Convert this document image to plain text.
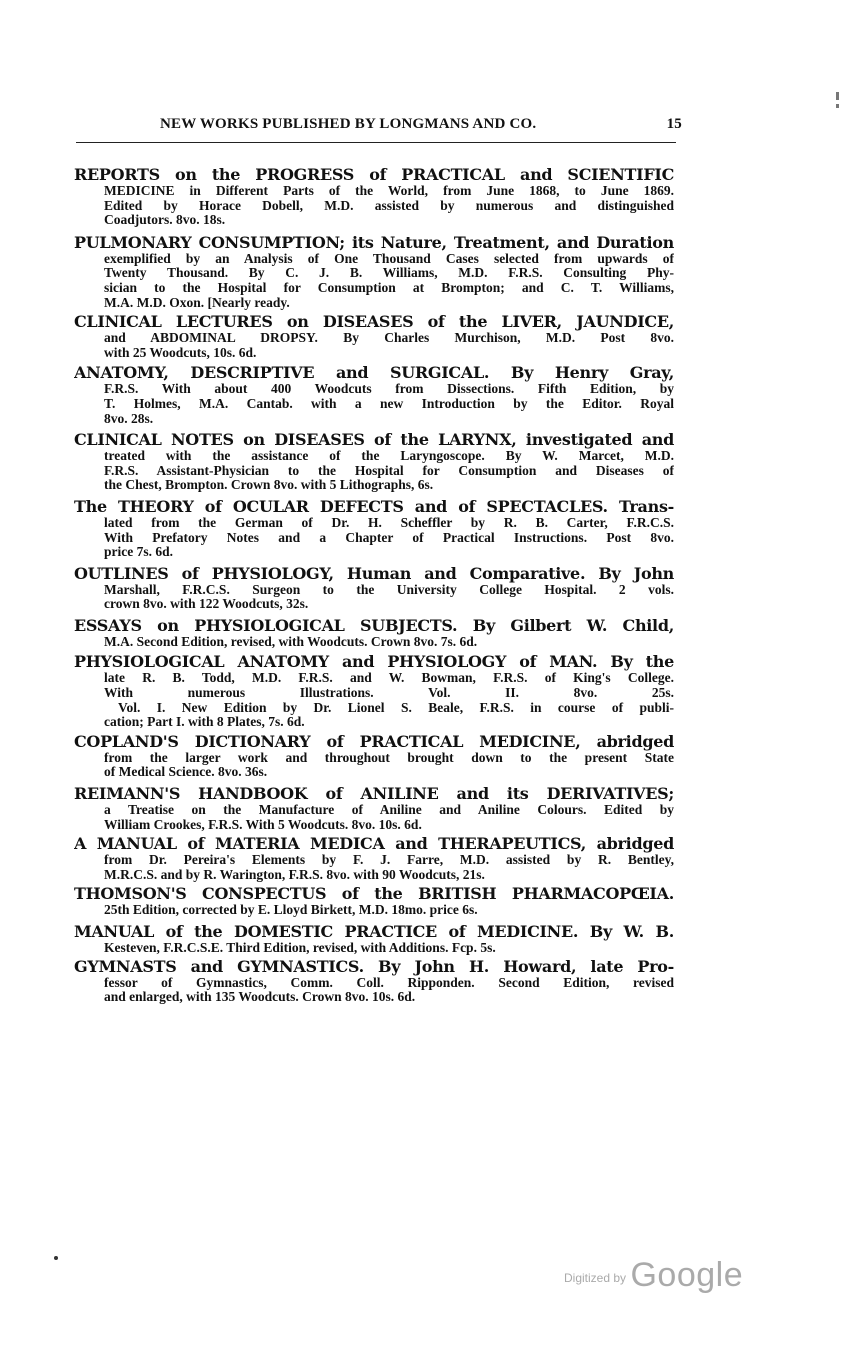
NEW WORKS PUBLISHED BY LONGMANS AND CO.	15
REPORTS on the PROGRESS of PRACTICAL and SCIENTIFIC
MEDICINE in Different Parts of the World, from June 1868, to June 1869.
Edited by Horace Dobell, M.D. assisted by numerous and distinguished
Coadjutors. 8vo. 18s.
PULMONARY CONSUMPTION; its Nature, Treatment, and Duration
exemplified by an Analysis of One Thousand Cases selected from upwards of
Twenty Thousand. By C. J. B. Williams, M.D. F.R.S. Consulting Phy-
sician to the Hospital for Consumption at Brompton; and C. T. Williams,
M.A. M.D. Oxon. [Nearly ready.
CLINICAL LECTURES on DISEASES of the LIVER, JAUNDICE,
and ABDOMINAL DROPSY. By Charles Murchison, M.D. Post 8vo.
with 25 Woodcuts, 10s. 6d.
ANATOMY, DESCRIPTIVE and SURGICAL. By Henry Gray,
F.R.S. With about 400 Woodcuts from Dissections. Fifth Edition, by
T. Holmes, M.A. Cantab. with a new Introduction by the Editor. Royal
8vo. 28s.
CLINICAL NOTES on DISEASES of the LARYNX, investigated and
treated with the assistance of the Laryngoscope. By W. Marcet, M.D.
F.R.S. Assistant-Physician to the Hospital for Consumption and Diseases of
the Chest, Brompton. Crown 8vo. with 5 Lithographs, 6s.
The THEORY of OCULAR DEFECTS and of SPECTACLES. Trans-
lated from the German of Dr. H. Scheffler by R. B. Carter, F.R.C.S.
With Prefatory Notes and a Chapter of Practical Instructions. Post 8vo.
price 7s. 6d.
OUTLINES of PHYSIOLOGY, Human and Comparative. By John
Marshall, F.R.C.S. Surgeon to the University College Hospital. 2 vols.
crown 8vo. with 122 Woodcuts, 32s.
ESSAYS on PHYSIOLOGICAL SUBJECTS. By Gilbert W. Child,
M.A. Second Edition, revised, with Woodcuts. Crown 8vo. 7s. 6d.
PHYSIOLOGICAL ANATOMY and PHYSIOLOGY of MAN. By the
late R. B. Todd, M.D. F.R.S. and W. Bowman, F.R.S. of King's College.
With numerous Illustrations. Vol. II. 8vo. 25s.
Vol. I. New Edition by Dr. Lionel S. Beale, F.R.S. in course of publi-
cation; Part I. with 8 Plates, 7s. 6d.
COPLAND'S DICTIONARY of PRACTICAL MEDICINE, abridged
from the larger work and throughout brought down to the present State
of Medical Science. 8vo. 36s.
REIMANN'S HANDBOOK of ANILINE and its DERIVATIVES;
a Treatise on the Manufacture of Aniline and Aniline Colours. Edited by
William Crookes, F.R.S. With 5 Woodcuts. 8vo. 10s. 6d.
A MANUAL of MATERIA MEDICA and THERAPEUTICS, abridged
from Dr. Pereira's Elements by F. J. Farre, M.D. assisted by R. Bentley,
M.R.C.S. and by R. Warington, F.R.S. 8vo. with 90 Woodcuts, 21s.
THOMSON'S CONSPECTUS of the BRITISH PHARMACOPŒIA.
25th Edition, corrected by E. Lloyd Birkett, M.D. 18mo. price 6s.
MANUAL of the DOMESTIC PRACTICE of MEDICINE. By W. B.
Kesteven, F.R.C.S.E. Third Edition, revised, with Additions. Fcp. 5s.
GYMNASTS and GYMNASTICS. By John H. Howard, late Pro-
fessor of Gymnastics, Comm. Coll. Ripponden. Second Edition, revised
and enlarged, with 135 Woodcuts. Crown 8vo. 10s. 6d.
$^{Digitized by}$ Google
